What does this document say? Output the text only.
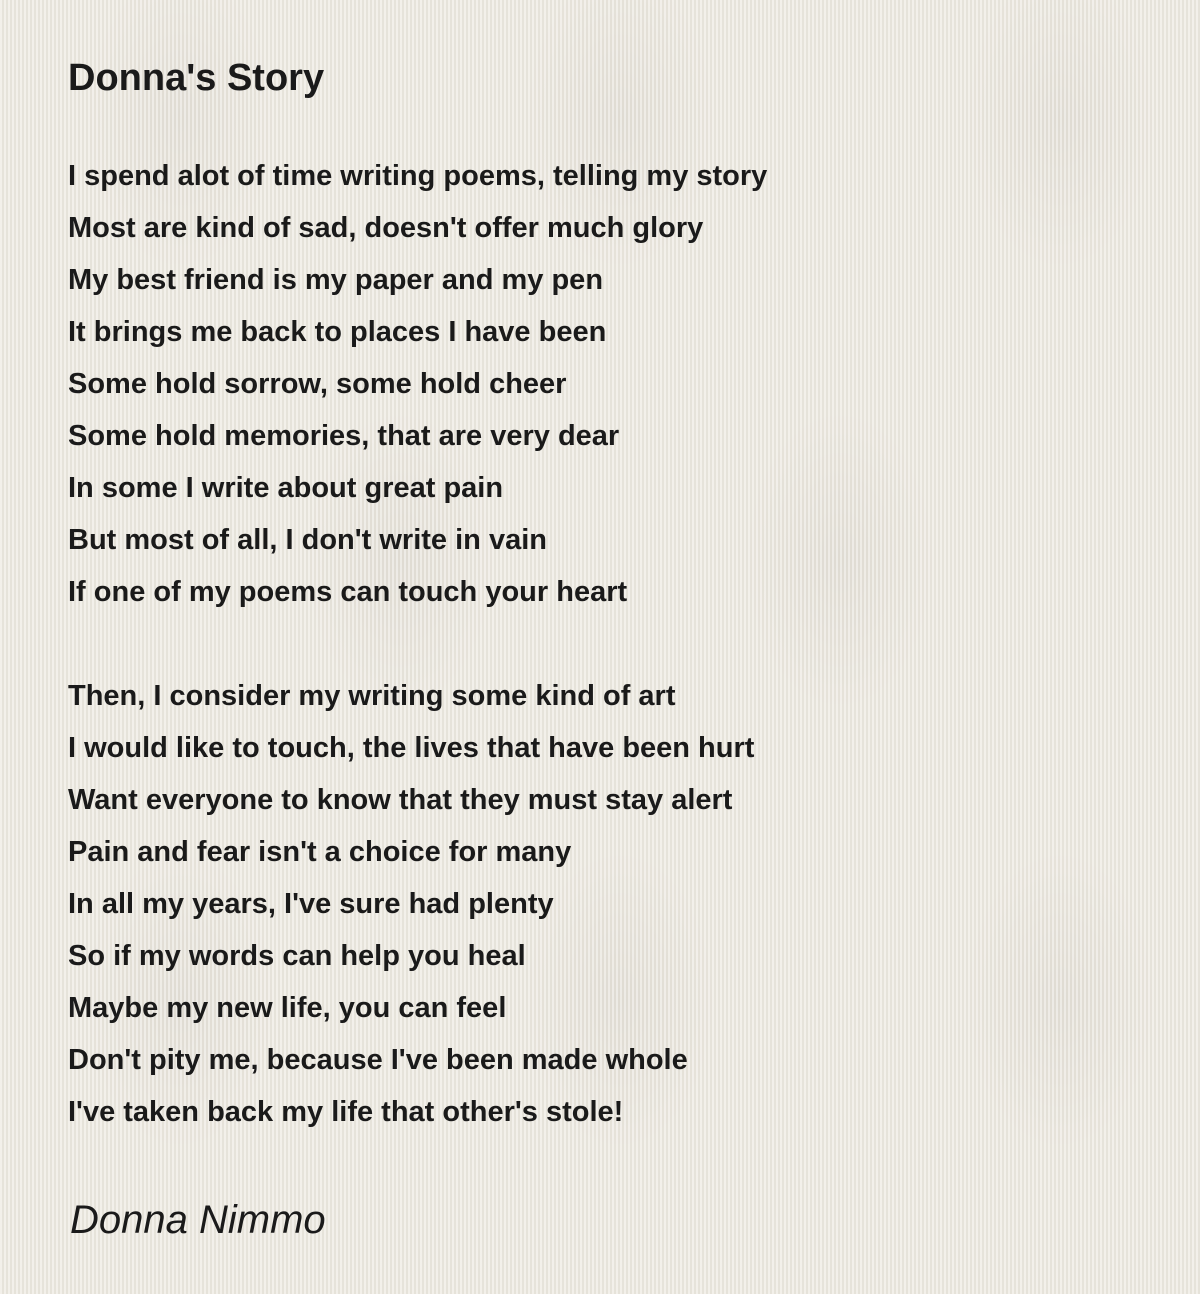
Donna's Story
I spend alot of time writing poems, telling my story
Most are kind of sad, doesn't offer much glory
My best friend is my paper and my pen
It brings me back to places I have been
Some hold sorrow, some hold cheer
Some hold memories, that are very dear
In some I write about great pain
But most of all, I don't write in vain
If one of my poems can touch your heart
Then, I consider my writing some kind of art
I would like to touch, the lives that have been hurt
Want everyone to know that they must stay alert
Pain and fear isn't a choice for many
In all my years, I've sure had plenty
So if my words can help you heal
Maybe my new life, you can feel
Don't pity me, because I've been made whole
I've taken back my life that other's stole!
Donna Nimmo
